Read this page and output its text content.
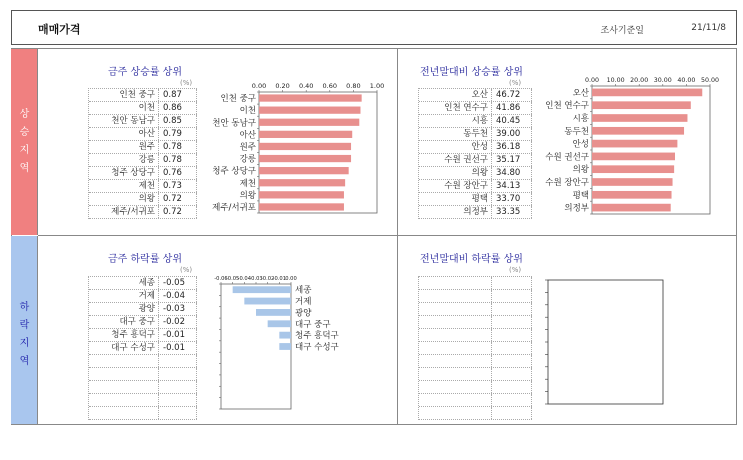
매매가격	조사기준일	21/11/8
상
승
지
역
하
락
지
역
금주 상승률 상위
(%)
전년말대비 상승률 상위
(%)
금주 하락률 상위
(%)
전년말대비 하락률 상위
(%)
인천 중구 0.87
이천 0.86
천안 동남구 0.85
아산 0.79
원주 0.78
강릉 0.78
청주 상당구 0.76
제천 0.73
의왕 0.72
제주/서귀포 0.72
오산 46.72
인천 연수구 41.86
시흥 40.45
동두천 39.00
안성 36.18
수원 권선구 35.17
의왕 34.80
수원 장안구 34.13
평택 33.70
의정부 33.35
세종 -0.05
거제 -0.04
광양 -0.03
대구 중구 -0.02
청주 흥덕구 -0.01
대구 수성구 -0.01
0.00 0.20 0.40 0.60 0.80 1.00
인천 중구
이천
천안 동남구
아산
원주
강릉
청주 상당구
제천
의왕
제주/서귀포
0.00 10.00 20.00 30.00 40.00 50.00
오산
인천 연수구
시흥
동두천
안성
수원 권선구
의왕
수원 장안구
평택
의정부
-0.06
-0.05
-0.04
-0.03
-0.02
-0.01 0.00
세종
거제
광양
대구 중구
청주 흥덕구
대구 수성구
